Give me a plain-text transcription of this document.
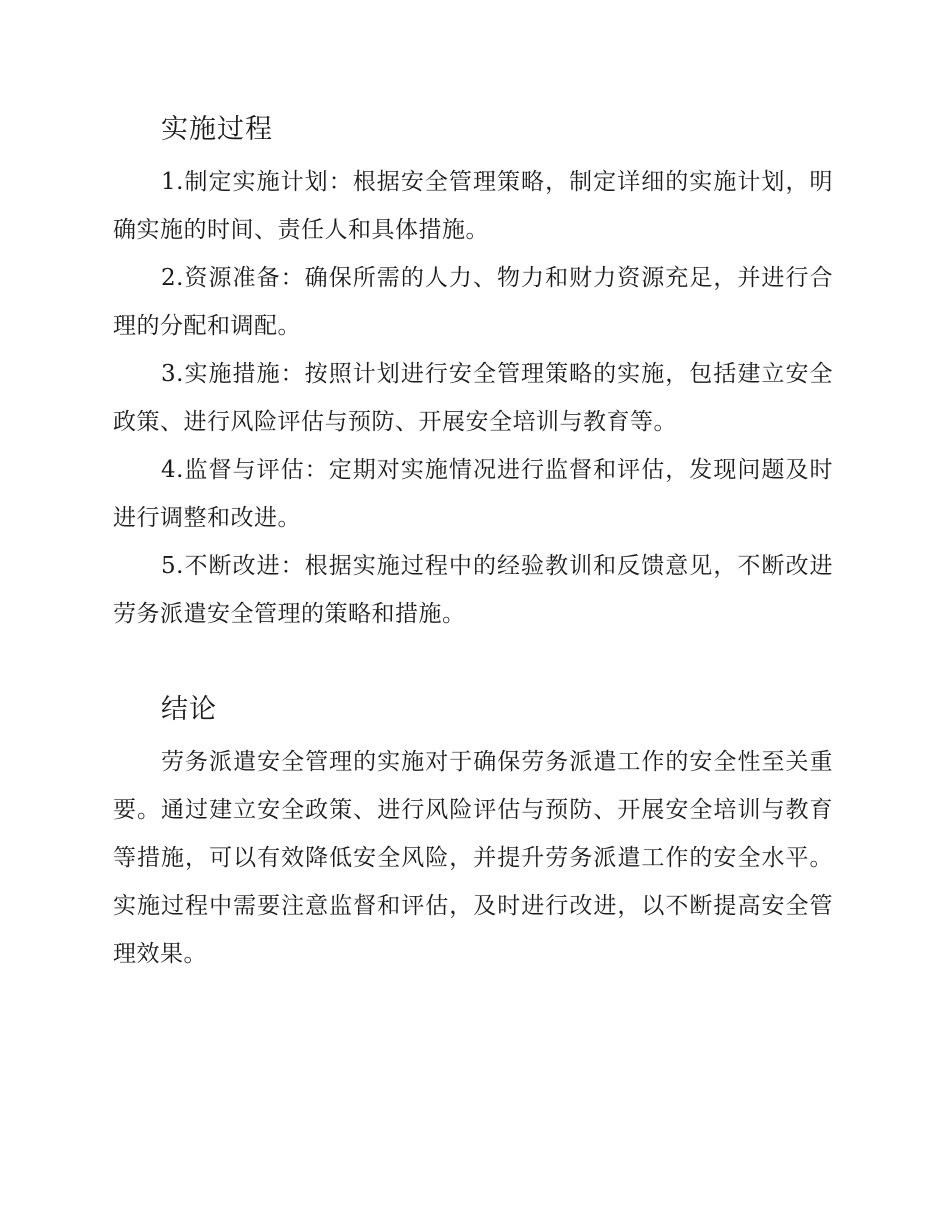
实施过程

1.制定实施计划：根据安全管理策略，制定详细的实施计划，明确实施的时间、责任人和具体措施。

2.资源准备：确保所需的人力、物力和财力资源充足，并进行合理的分配和调配。

3.实施措施：按照计划进行安全管理策略的实施，包括建立安全政策、进行风险评估与预防、开展安全培训与教育等。

4.监督与评估：定期对实施情况进行监督和评估，发现问题及时进行调整和改进。

5.不断改进：根据实施过程中的经验教训和反馈意见，不断改进劳务派遣安全管理的策略和措施。

结论

劳务派遣安全管理的实施对于确保劳务派遣工作的安全性至关重要。通过建立安全政策、进行风险评估与预防、开展安全培训与教育等措施，可以有效降低安全风险，并提升劳务派遣工作的安全水平。实施过程中需要注意监督和评估，及时进行改进，以不断提高安全管理效果。
